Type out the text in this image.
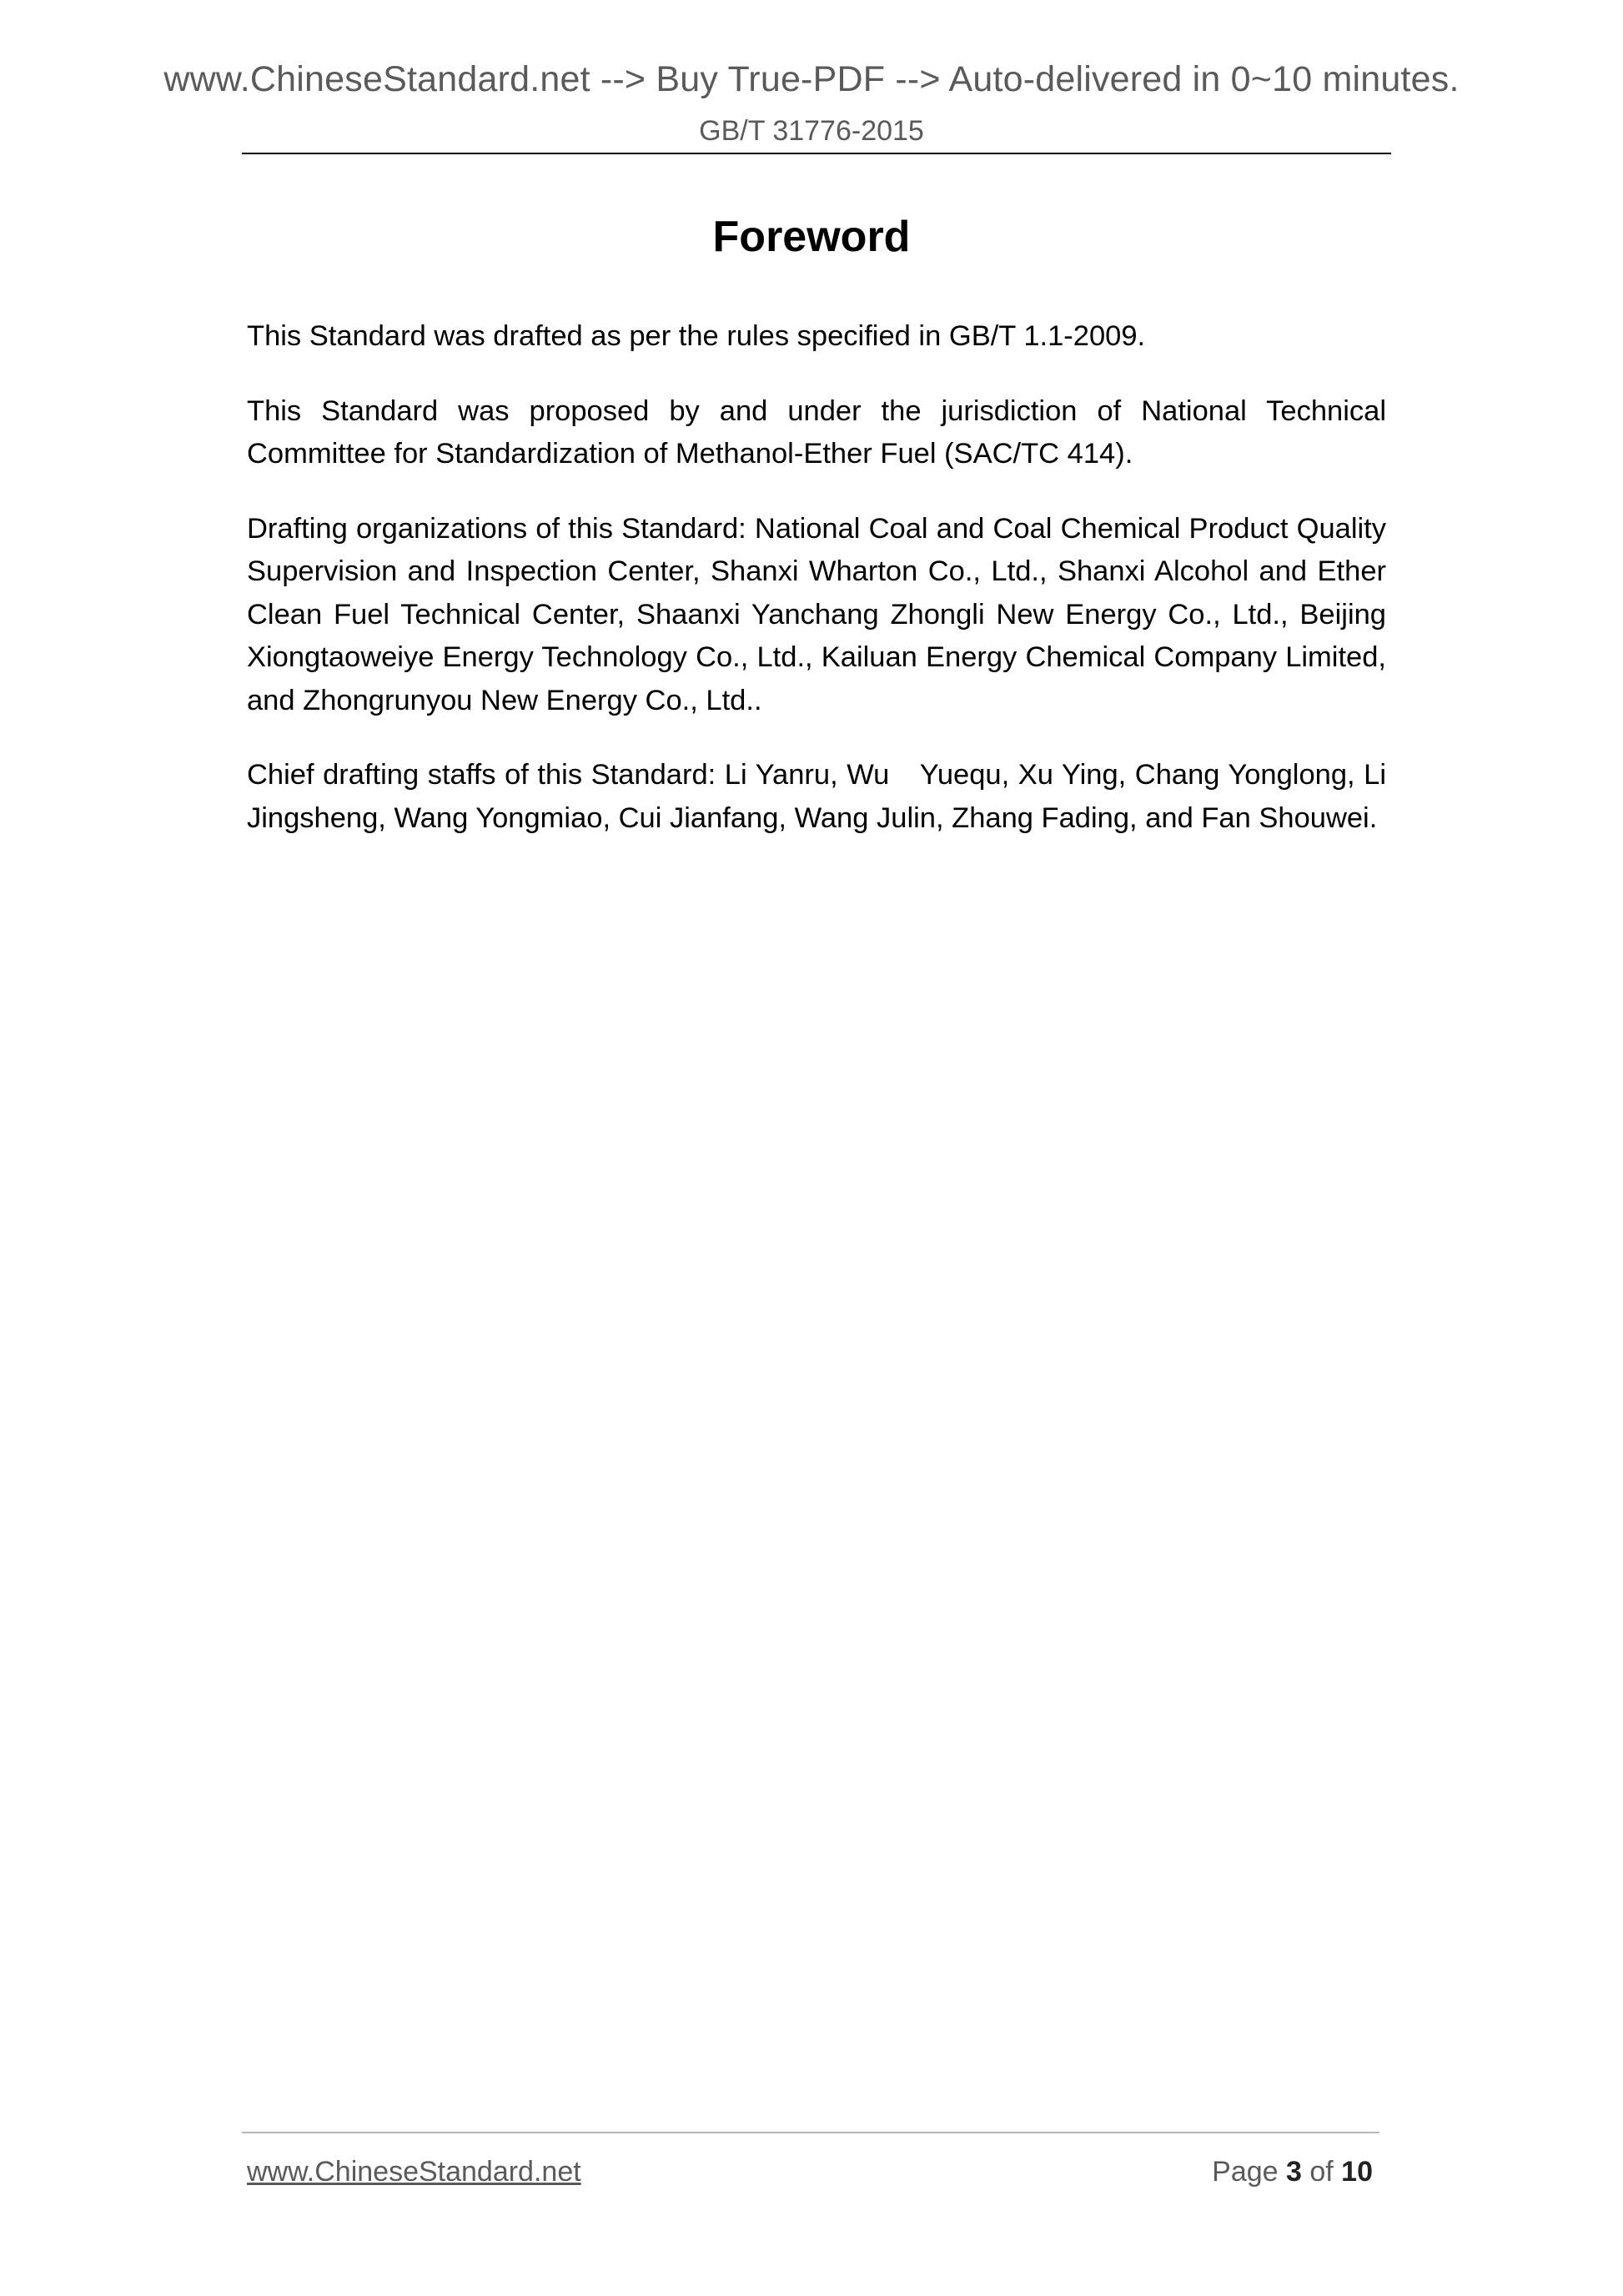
www.ChineseStandard.net --> Buy True-PDF --> Auto-delivered in 0~10 minutes.
GB/T 31776-2015
Foreword

This Standard was drafted as per the rules specified in GB/T 1.1-2009.

This Standard was proposed by and under the jurisdiction of National Technical Committee for Standardization of Methanol-Ether Fuel (SAC/TC 414).

Drafting organizations of this Standard: National Coal and Coal Chemical Product Quality Supervision and Inspection Center, Shanxi Wharton Co., Ltd., Shanxi Alcohol and Ether Clean Fuel Technical Center, Shaanxi Yanchang Zhongli New Energy Co., Ltd., Beijing Xiongtaoweiye Energy Technology Co., Ltd., Kailuan Energy Chemical Company Limited, and Zhongrunyou New Energy Co., Ltd..

Chief drafting staffs of this Standard: Li Yanru, Wu　Yuequ, Xu Ying, Chang Yonglong, Li Jingsheng, Wang Yongmiao, Cui Jianfang, Wang Julin, Zhang Fading, and Fan Shouwei.

www.ChineseStandard.net	Page 3 of 10
